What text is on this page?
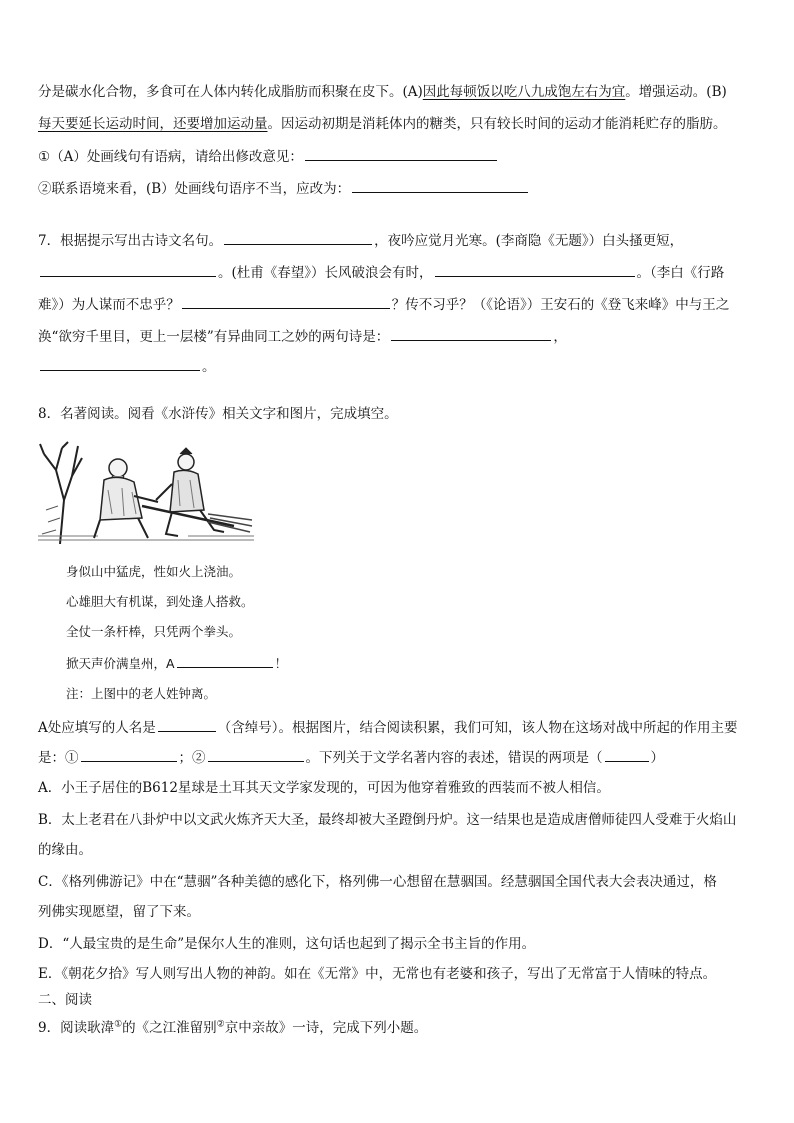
分是碳水化合物，多食可在人体内转化成脂肪而积聚在皮下。(A)因此每顿饭以吃八九成饱左右为宜。增强运动。(B)
每天要延长运动时间，还要增加运动量。因运动初期是消耗体内的糖类，只有较长时间的运动才能消耗贮存的脂肪。
①（A）处画线句有语病，请给出修改意见：
②联系语境来看，(B）处画线句语序不当，应改为：
7．根据提示写出古诗文名句。	，夜吟应觉月光寒。(李商隐《无题》）白头搔更短，
。(杜甫《春望》）长风破浪会有时，	。（李白《行路
难》）为人谋而不忠乎？	？传不习乎？（《论语》）王安石的《登飞来峰》中与王之
涣“欲穷千里目，更上一层楼”有异曲同工之妙的两句诗是：	，
。
8．名著阅读。阅看《水浒传》相关文字和图片，完成填空。
身似山中猛虎，性如火上浇油。
心雄胆大有机谋，到处逢人搭救。
全仗一条杆棒，只凭两个拳头。
掀天声价满皇州，A	！
注：上图中的老人姓钟离。
A处应填写的人名是	（含绰号）。根据图片，结合阅读积累，我们可知，该人物在这场对战中所起的作用主要
是：①	；②	。下列关于文学名著内容的表述，错误的两项是（	）
A．小王子居住的B612星球是土耳其天文学家发现的，可因为他穿着雅致的西装而不被人相信。
B．太上老君在八卦炉中以文武火炼齐天大圣，最终却被大圣蹬倒丹炉。这一结果也是造成唐僧师徒四人受难于火焰山
的缘由。
C．《格列佛游记》中在“慧骃”各种美德的感化下，格列佛一心想留在慧骃国。经慧骃国全国代表大会表决通过，格
列佛实现愿望，留了下来。
D．“人最宝贵的是生命”是保尔人生的准则，这句话也起到了揭示全书主旨的作用。
E．《朝花夕拾》写人则写出人物的神韵。如在《无常》中，无常也有老婆和孩子，写出了无常富于人情味的特点。
二、阅读
9．阅读耿湋①的《之江淮留别②京中亲故》一诗，完成下列小题。
